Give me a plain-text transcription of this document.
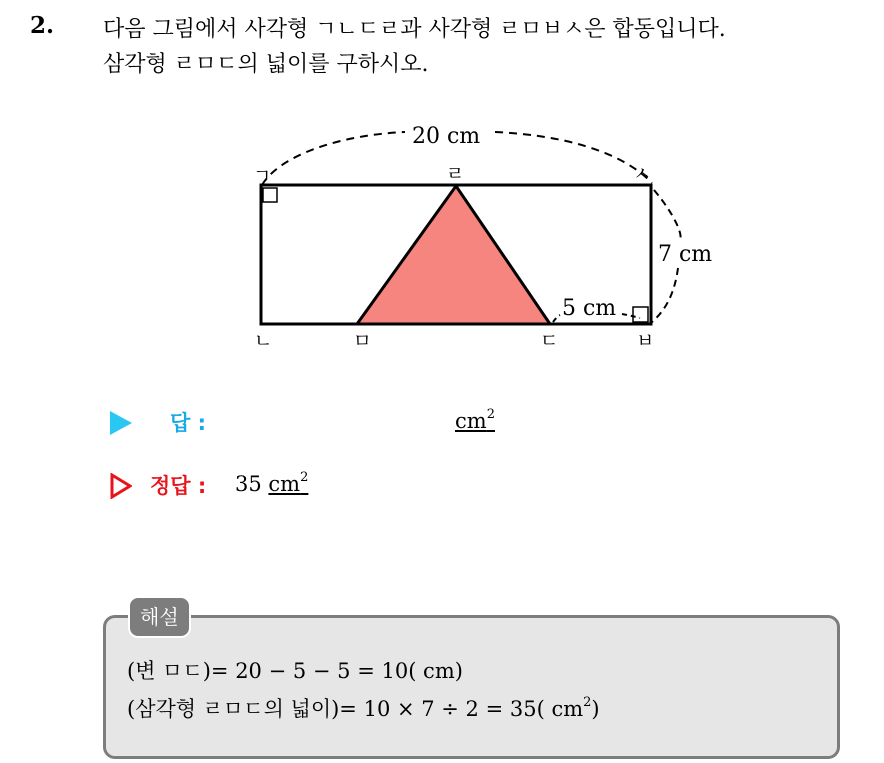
2. 다음 그림에서 사각형 ㄱㄴㄷㄹ과 사각형 ㄹㅁㅂㅅ은 합동입니다.
삼각형 ㄹㅁㄷ의 넓이를 구하시오.
20 cm
7 cm
5 cm
ㄱ	ㄹ	ㅅ
ㄴ	ㅁ	ㄷ	ㅂ
답 :	$cm^2$
정답 : 35 $cm^2$
해설
(변 ㅁㄷ)= 20 − 5 − 5 = 10( cm)
(삼각형 ㄹㅁㄷ의 넓이)= 10 × 7 ÷ 2 = 35( $cm^2$)
